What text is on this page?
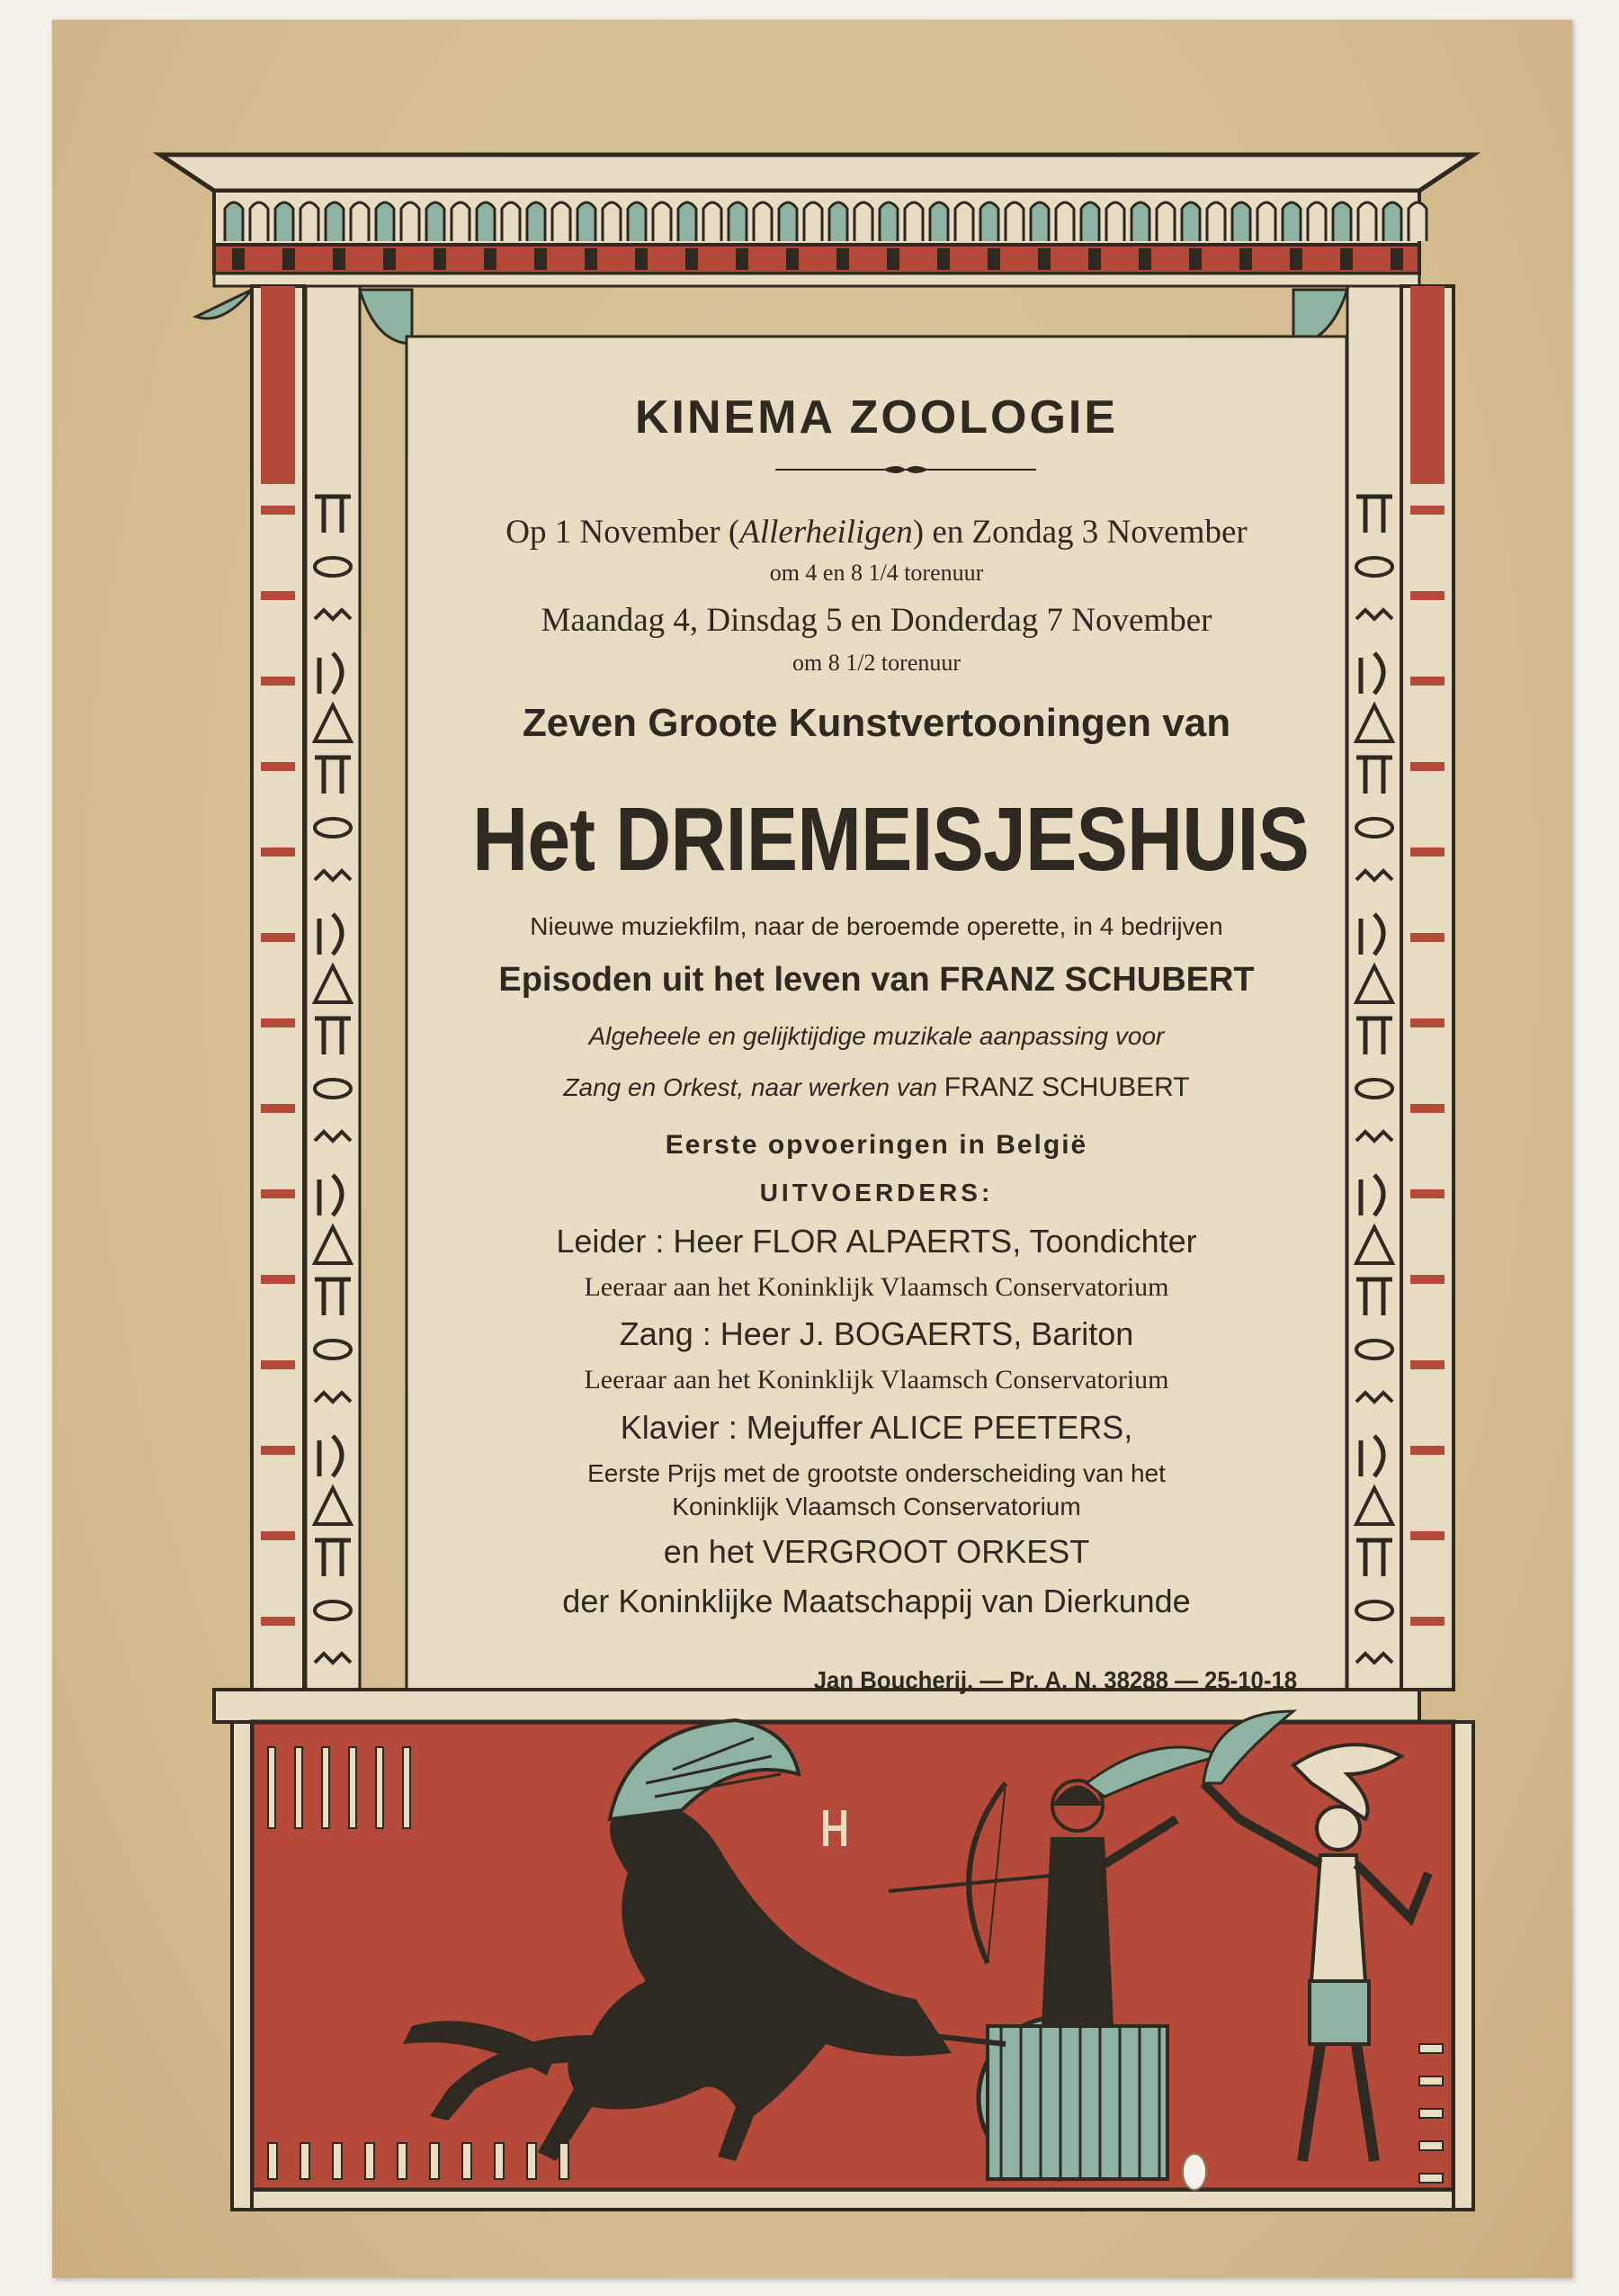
KINEMA ZOOLOGIE
Op 1 November (Allerheiligen) en Zondag 3 November
om 4 en 8 1/4 torenuur
Maandag 4, Dinsdag 5 en Donderdag 7 November
om 8 1/2 torenuur
Zeven Groote Kunstvertooningen van
Het DRIEMEISJESHUIS
Nieuwe muziekfilm, naar de beroemde operette, in 4 bedrijven
Episoden uit het leven van FRANZ SCHUBERT
Algeheele en gelijktijdige muzikale aanpassing voor
Zang en Orkest, naar werken van FRANZ SCHUBERT
Eerste opvoeringen in België
UITVOERDERS:
Leider : Heer FLOR ALPAERTS, Toondichter
Leeraar aan het Koninklijk Vlaamsch Conservatorium
Zang : Heer J. BOGAERTS, Bariton
Leeraar aan het Koninklijk Vlaamsch Conservatorium
Klavier : Mejuffer ALICE PEETERS,
Eerste Prijs met de grootste onderscheiding van het
Koninklijk Vlaamsch Conservatorium
en het VERGROOT ORKEST
der Koninklijke Maatschappij van Dierkunde
Jan Boucherij. — Pr. A. N. 38288 — 25-10-18
